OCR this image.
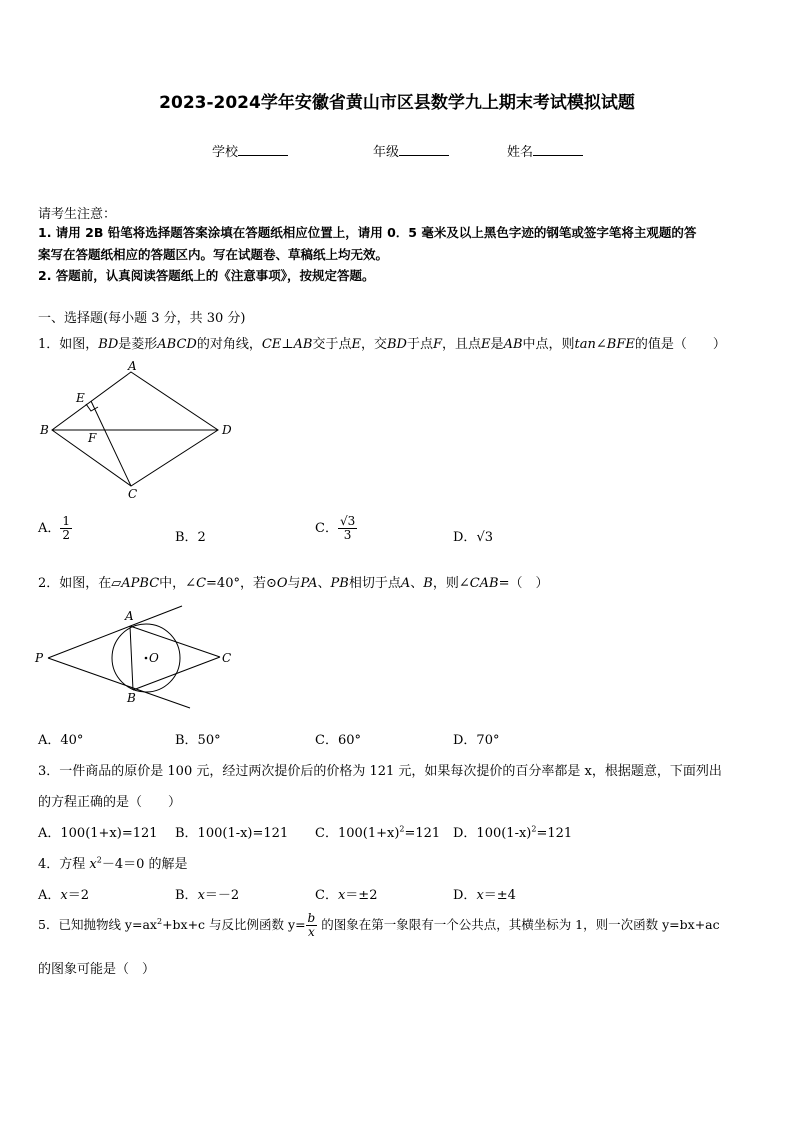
2023-2024学年安徽省黄山市区县数学九上期末考试模拟试题
学校	年级	姓名
请考生注意：
1. 请用 2B 铅笔将选择题答案涂填在答题纸相应位置上，请用 0．5 毫米及以上黑色字迹的钢笔或签字笔将主观题的答
案写在答题纸相应的答题区内。写在试题卷、草稿纸上均无效。
2. 答题前，认真阅读答题纸上的《注意事项》，按规定答题。
一、选择题(每小题 3 分，共 30 分)
1．如图，BD是菱形ABCD的对角线，CE⊥AB交于点E，交BD于点F，且点E是AB中点，则tan∠BFE的值是（　　）
A
B
C
D
E
F
A． $\frac{1}{2}$	B．2
C． $\frac{√3}{3}$	D．√3
2．如图，在▱APBC中，∠C=40°，若⊙O与PA、PB相切于点A、B，则∠CAB=（　）
P
A
B
C
O
A．40°	B．50°	C．60°	D．70°
3．一件商品的原价是 100 元，经过两次提价后的价格为 121 元，如果每次提价的百分率都是 x，根据题意，下面列出
的方程正确的是（　　）
A．100(1+x)=121 B．100(1-x)=121 C．$100(1+x)^2=121$ D．$100(1-x)^2=121$
4．方程 $x^2-4=0$ 的解是
A．x＝2	B．x＝－2	C．x＝±2	D．x＝±4
5．已知抛物线 $y=ax^2+bx+c$ 与反比例函数 $y= \frac{b}{x}$ 的图象在第一象限有一个公共点，其横坐标为 1，则一次函数 y=bx+ac
的图象可能是（　）
